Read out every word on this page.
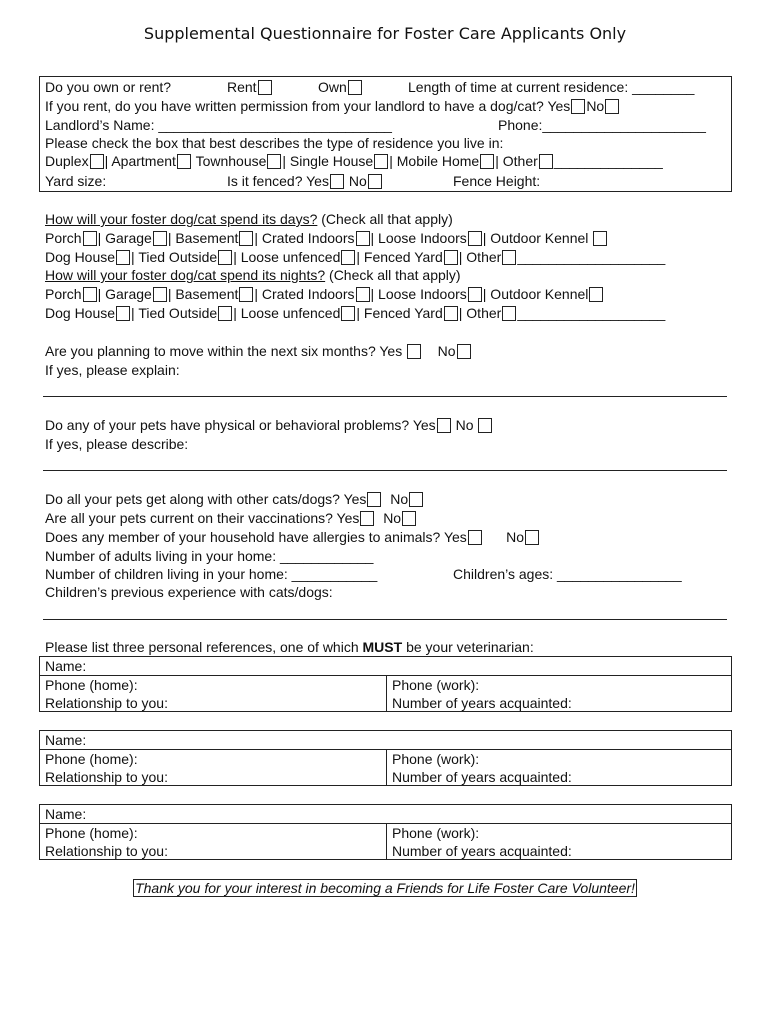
Supplemental Questionnaire for Foster Care Applicants Only
Do you own or rent?	Rent	Own	Length of time at current residence: ________
If you rent, do you have written permission from your landlord to have a dog/cat? Yes No
Landlord’s Name: ______________________________	Phone:_____________________
Please check the box that best describes the type of residence you live in:
Duplex | Apartment Townhouse | Single House | Mobile Home | Other ______________
Yard size:	Is it fenced? Yes No	Fence Height:
How will your foster dog/cat spend its days? (Check all that apply)
Porch | Garage | Basement | Crated Indoors | Loose Indoors | Outdoor Kennel
Dog House | Tied Outside | Loose unfenced | Fenced Yard | Other ___________________
How will your foster dog/cat spend its nights? (Check all that apply)
Porch | Garage | Basement | Crated Indoors | Loose Indoors | Outdoor Kennel
Dog House | Tied Outside | Loose unfenced | Fenced Yard | Other ___________________
Are you planning to move within the next six months? Yes	No
If yes, please explain:
Do any of your pets have physical or behavioral problems? Yes No
If yes, please describe:
Do all your pets get along with other cats/dogs? Yes No
Are all your pets current on their vaccinations? Yes No
Does any member of your household have allergies to animals? Yes	No
Number of adults living in your home: ____________
Number of children living in your home: ___________	Children’s ages: ________________
Children’s previous experience with cats/dogs:
Please list three personal references, one of which MUST be your veterinarian:
Name:
Phone (home):	Phone (work):
Relationship to you:	Number of years acquainted:
Name:
Phone (home):	Phone (work):
Relationship to you:	Number of years acquainted:
Name:
Phone (home):	Phone (work):
Relationship to you:	Number of years acquainted:
Thank you for your interest in becoming a Friends for Life Foster Care Volunteer!
